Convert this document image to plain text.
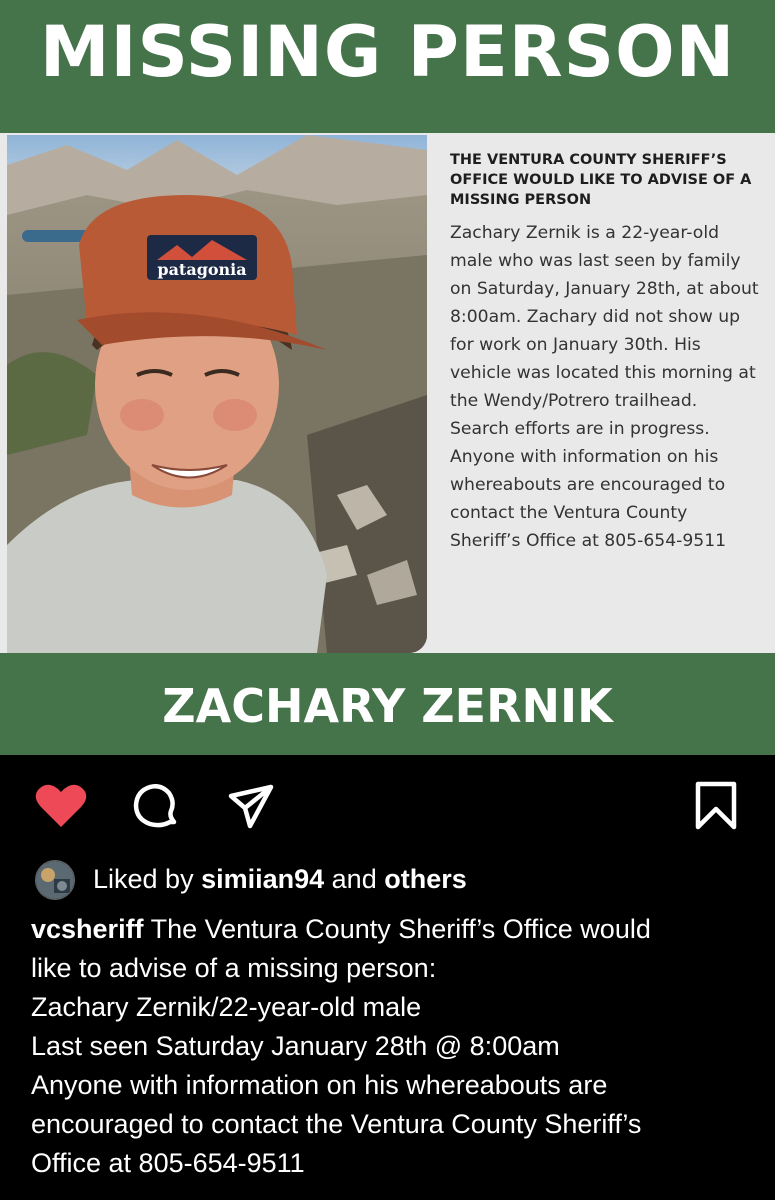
MISSING PERSON
patagonia

THE VENTURA COUNTY SHERIFF’S OFFICE WOULD LIKE TO ADVISE OF A MISSING PERSON

Zachary Zernik is a 22-year-old male who was last seen by family on Saturday, January 28th, at about 8:00am. Zachary did not show up for work on January 30th. His vehicle was located this morning at the Wendy/Potrero trailhead. Search efforts are in progress. Anyone with information on his whereabouts are encouraged to contact the Ventura County Sheriff’s Office at 805-654-9511

ZACHARY ZERNIK
Liked by simiian94 and others
vcsheriff The Ventura County Sheriff’s Office would
like to advise of a missing person:
Zachary Zernik/22-year-old male
Last seen Saturday January 28th @ 8:00am
Anyone with information on his whereabouts are
encouraged to contact the Ventura County Sheriff’s
Office at 805-654-9511
